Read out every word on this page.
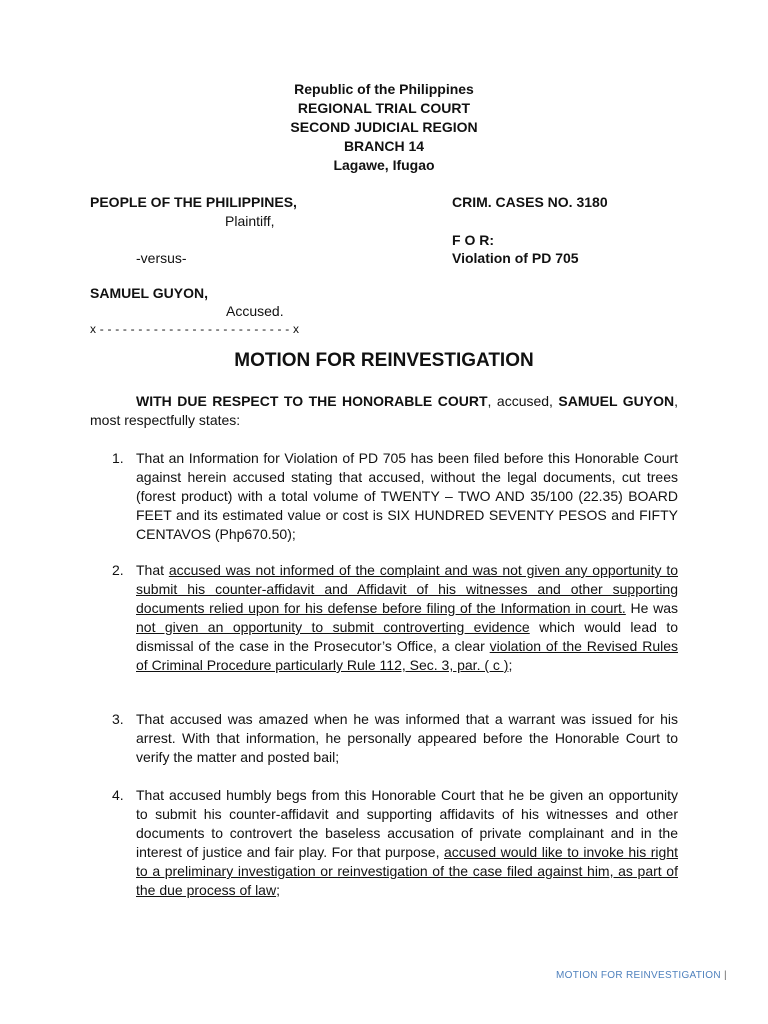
Republic of the Philippines
REGIONAL TRIAL COURT
SECOND JUDICIAL REGION
BRANCH 14
Lagawe, Ifugao
PEOPLE OF THE PHILIPPINES,
Plaintiff,
-versus-
SAMUEL GUYON,
Accused.
x - - - - - - - - - - - - - - - - - - - - - - - - - x
CRIM. CASES NO. 3180
F O R:
Violation of PD 705
MOTION FOR REINVESTIGATION
WITH DUE RESPECT TO THE HONORABLE COURT, accused, SAMUEL GUYON, most respectfully states:
1. That an Information for Violation of PD 705 has been filed before this Honorable Court against herein accused stating that accused, without the legal documents, cut trees (forest product) with a total volume of TWENTY – TWO AND 35/100 (22.35) BOARD FEET and its estimated value or cost is SIX HUNDRED SEVENTY PESOS and FIFTY CENTAVOS (Php670.50);
2. That accused was not informed of the complaint and was not given any opportunity to submit his counter-affidavit and Affidavit of his witnesses and other supporting documents relied upon for his defense before filing of the Information in court. He was not given an opportunity to submit controverting evidence which would lead to dismissal of the case in the Prosecutor’s Office, a clear violation of the Revised Rules of Criminal Procedure particularly Rule 112, Sec. 3, par. ( c );
3. That accused was amazed when he was informed that a warrant was issued for his arrest. With that information, he personally appeared before the Honorable Court to verify the matter and posted bail;
4. That accused humbly begs from this Honorable Court that he be given an opportunity to submit his counter-affidavit and supporting affidavits of his witnesses and other documents to controvert the baseless accusation of private complainant and in the interest of justice and fair play. For that purpose, accused would like to invoke his right to a preliminary investigation or reinvestigation of the case filed against him, as part of the due process of law;
MOTION FOR REINVESTIGATION |
